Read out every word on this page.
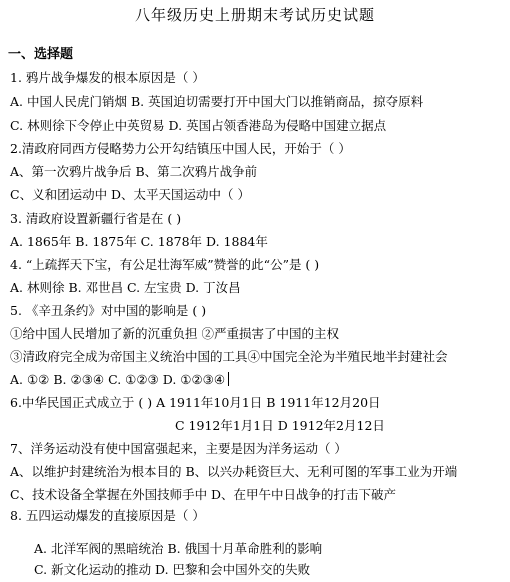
八年级历史上册期末考试历史试题
一、选择题
1. 鸦片战争爆发的根本原因是（ ）
A. 中国人民虎门销烟 B. 英国迫切需要打开中国大门以推销商品，掠夺原料
C. 林则徐下令停止中英贸易 D. 英国占领香港岛为侵略中国建立据点
2.清政府同西方侵略势力公开勾结镇压中国人民，开始于（ ）
A、第一次鸦片战争后 B、第二次鸦片战争前
C、义和团运动中 D、太平天国运动中（ ）
3. 清政府设置新疆行省是在 ( )
A. 1865年 B. 1875年 C. 1878年 D. 1884年
4. “上疏挥天下宝，有公足壮海军威”赞誉的此“公”是 ( )
A. 林则徐 B. 邓世昌 C. 左宝贵 D. 丁汝昌
5. 《辛丑条约》对中国的影响是 ( )
①给中国人民增加了新的沉重负担 ②严重损害了中国的主权
③清政府完全成为帝国主义统治中国的工具④中国完全沦为半殖民地半封建社会
A. ①② B. ②③④ C. ①②③ D. ①②③④
6.中华民国正式成立于 ( ) A 1911年10月1日 B 1911年12月20日
C 1912年1月1日 D 1912年2月12日
7、洋务运动没有使中国富强起来，主要是因为洋务运动（ ）
A、以维护封建统治为根本目的 B、以兴办耗资巨大、无利可图的军事工业为开端
C、技术设备全掌握在外国技师手中 D、在甲午中日战争的打击下破产
8. 五四运动爆发的直接原因是（ ）
A. 北洋军阀的黑暗统治 B. 俄国十月革命胜利的影响
C. 新文化运动的推动 D. 巴黎和会中国外交的失败
